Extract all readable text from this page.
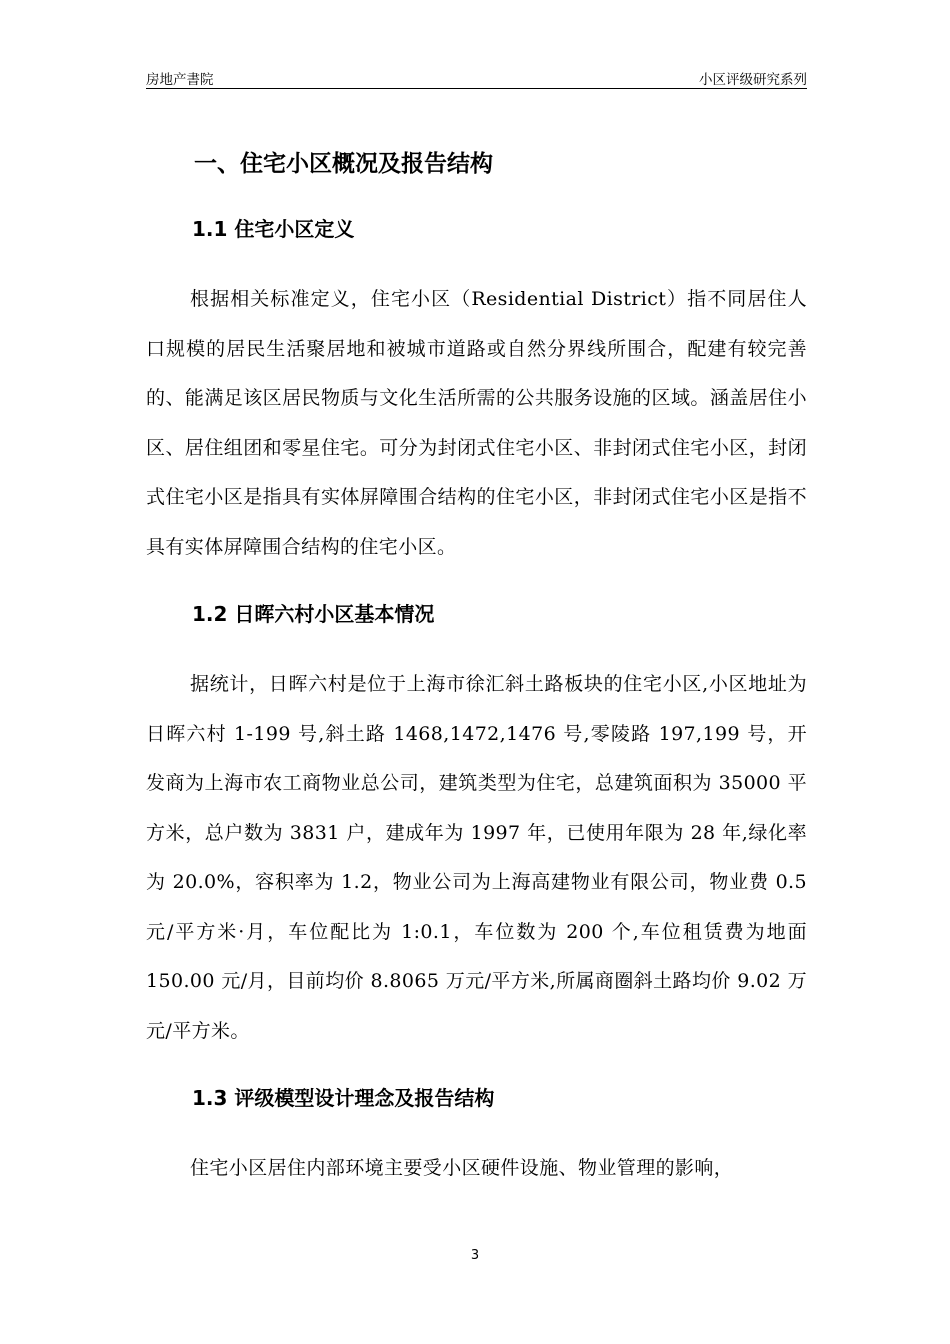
房地产書院	小区评级研究系列
一、住宅小区概况及报告结构
1.1 住宅小区定义

根据相关标准定义，住宅小区（Residential District）指不同居住人口规模的居民生活聚居地和被城市道路或自然分界线所围合，配建有较完善的、能满足该区居民物质与文化生活所需的公共服务设施的区域。涵盖居住小区、居住组团和零星住宅。可分为封闭式住宅小区、非封闭式住宅小区，封闭式住宅小区是指具有实体屏障围合结构的住宅小区，非封闭式住宅小区是指不具有实体屏障围合结构的住宅小区。

1.2 日晖六村小区基本情况

据统计，日晖六村是位于上海市徐汇斜土路板块的住宅小区,小区地址为日晖六村 1-199 号,斜土路 1468,1472,1476 号,零陵路 197,199 号，开发商为上海市农工商物业总公司，建筑类型为住宅，总建筑面积为 35000 平方米，总户数为 3831 户，建成年为 1997 年，已使用年限为 28 年,绿化率为 20.0%，容积率为 1.2，物业公司为上海高建物业有限公司，物业费 0.5 元/平方米·月，车位配比为 1:0.1，车位数为 200 个,车位租赁费为地面 150.00 元/月，目前均价 8.8065 万元/平方米,所属商圈斜土路均价 9.02 万元/平方米。

1.3 评级模型设计理念及报告结构

住宅小区居住内部环境主要受小区硬件设施、物业管理的影响，

3
